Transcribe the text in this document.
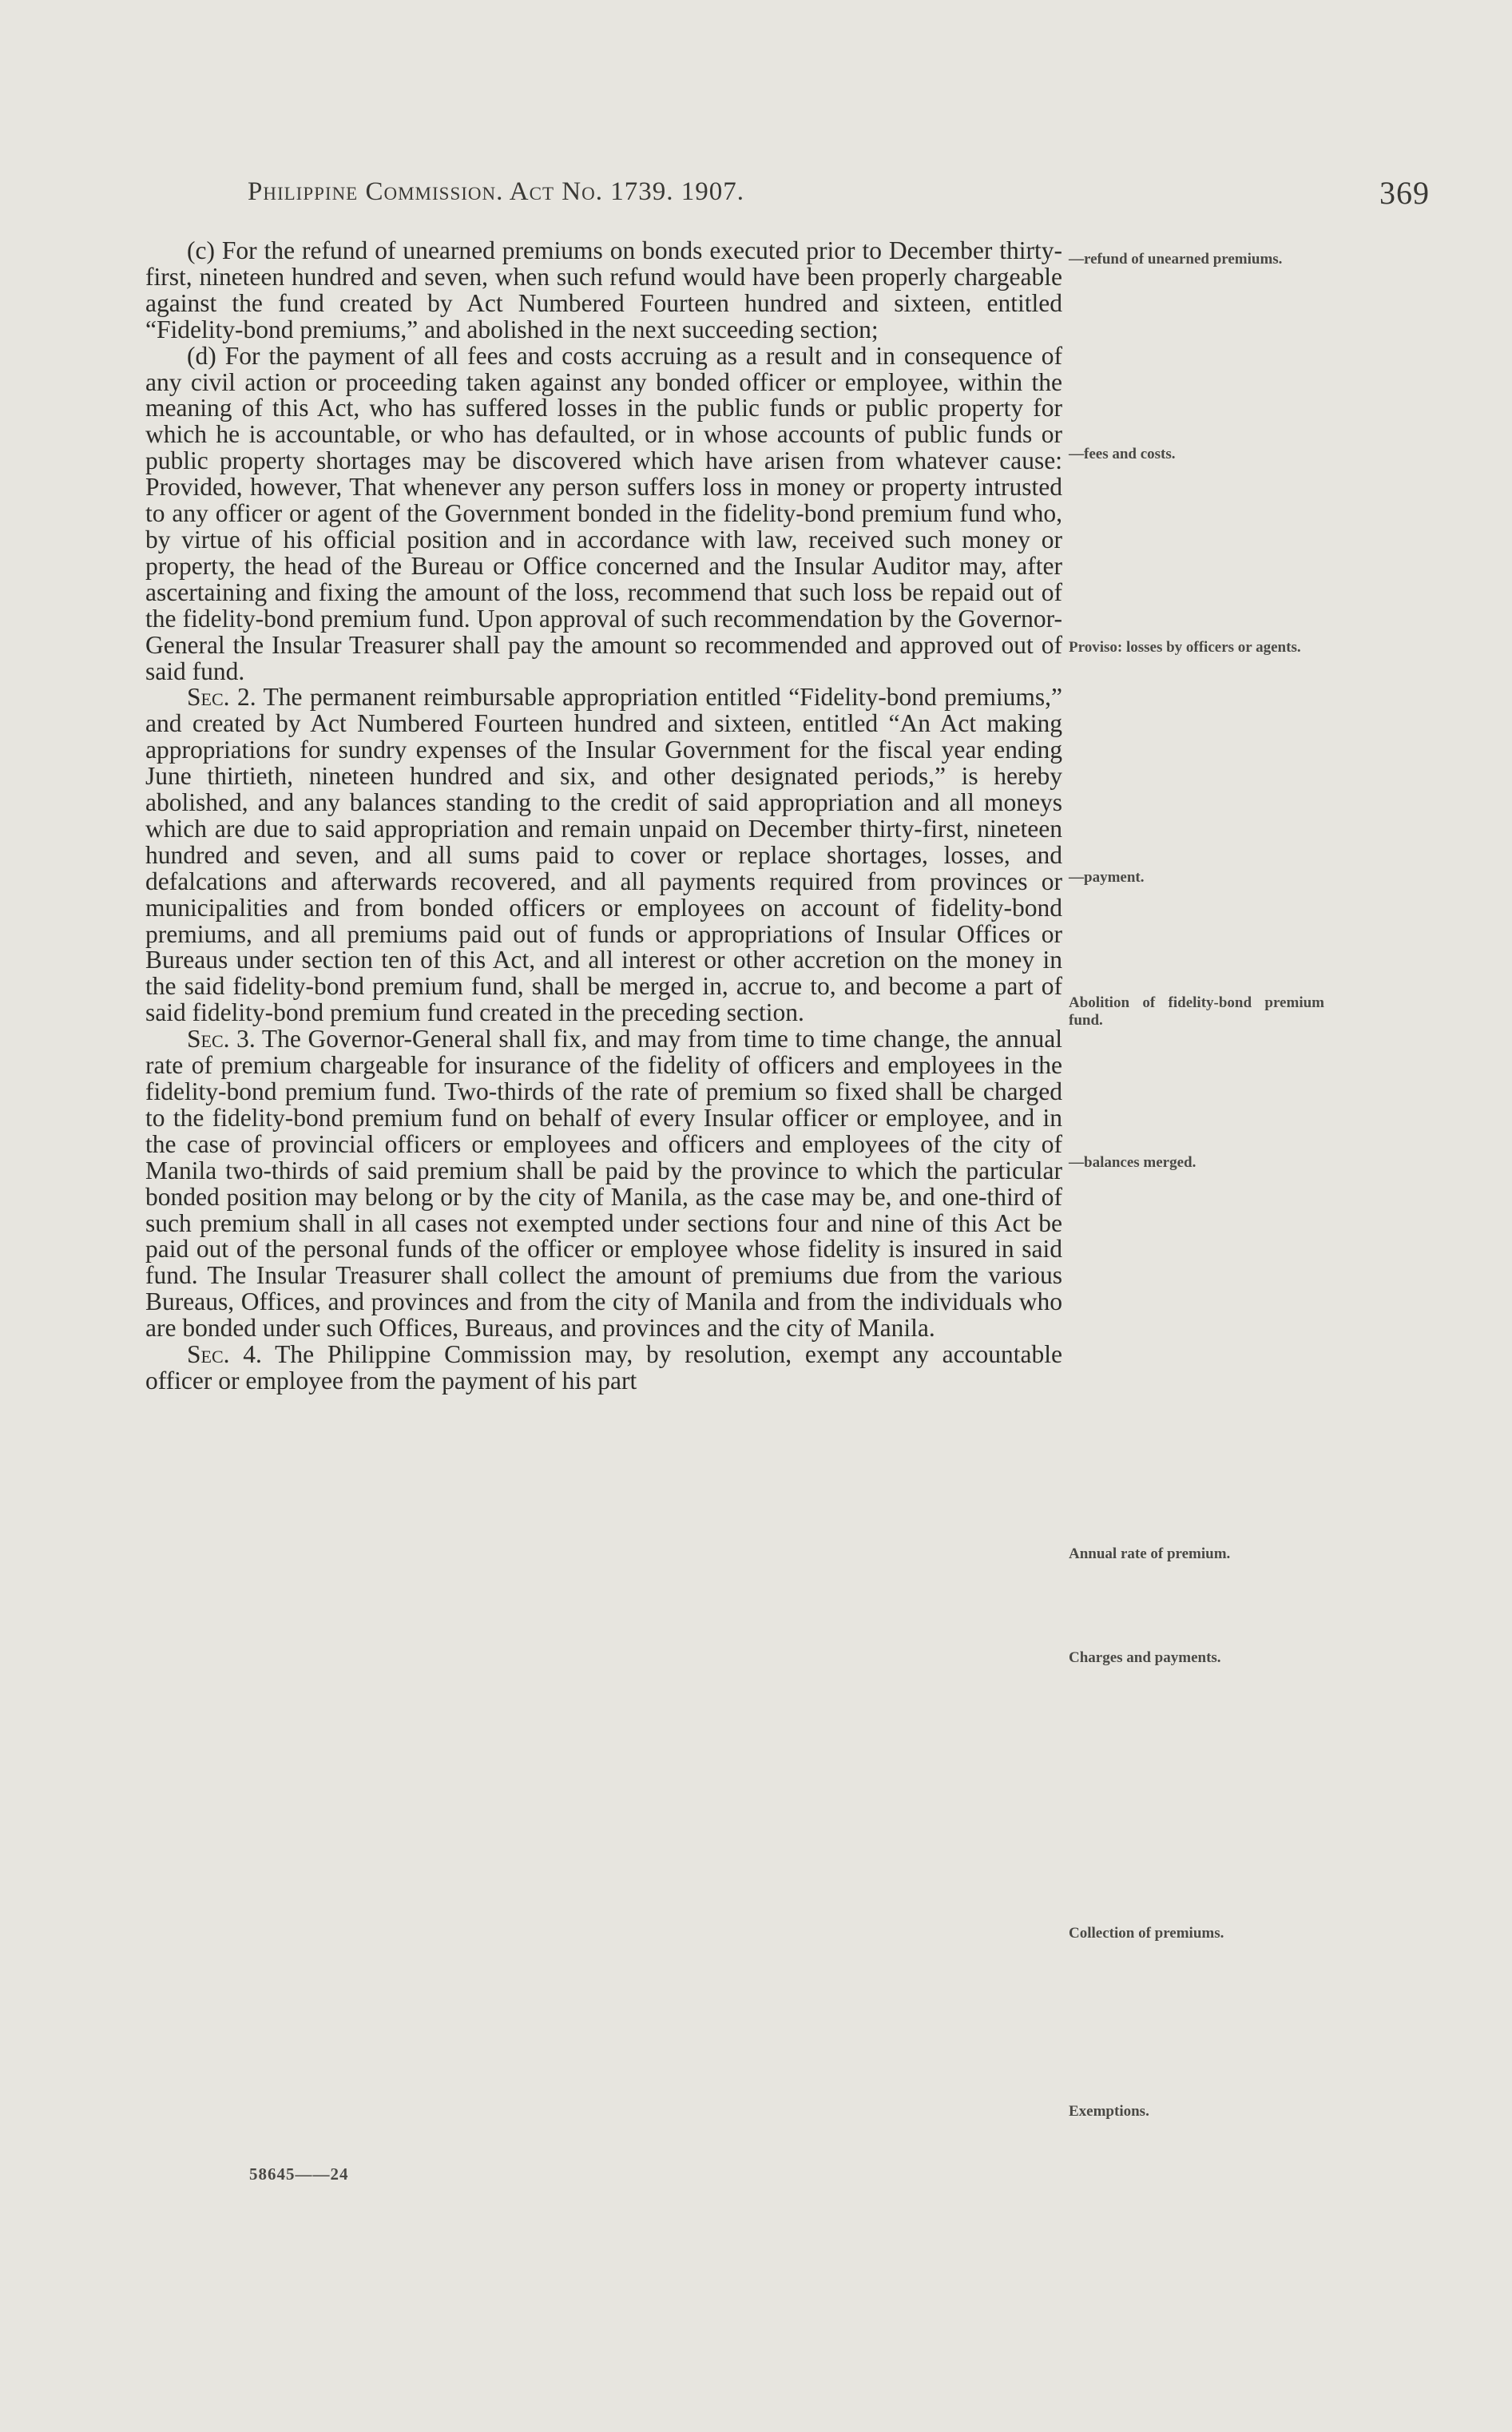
Philippine Commission. Act No. 1739. 1907.	369

(c) For the refund of unearned premiums on bonds executed prior to December thirty-first, nineteen hundred and seven, when such refund would have been properly chargeable against the fund created by Act Numbered Fourteen hundred and sixteen, entitled “Fidelity-bond premiums,” and abolished in the next succeeding section;

(d) For the payment of all fees and costs accruing as a result and in consequence of any civil action or proceeding taken against any bonded officer or employee, within the meaning of this Act, who has suffered losses in the public funds or public property for which he is accountable, or who has defaulted, or in whose accounts of public funds or public property shortages may be discovered which have arisen from whatever cause: Provided, however, That whenever any person suffers loss in money or property intrusted to any officer or agent of the Government bonded in the fidelity-bond premium fund who, by virtue of his official position and in accordance with law, received such money or property, the head of the Bureau or Office concerned and the Insular Auditor may, after ascertaining and fixing the amount of the loss, recommend that such loss be repaid out of the fidelity-bond premium fund. Upon approval of such recommendation by the Governor-General the Insular Treasurer shall pay the amount so recommended and approved out of said fund.

Sec. 2. The permanent reimbursable appropriation entitled “Fidelity-bond premiums,” and created by Act Numbered Fourteen hundred and sixteen, entitled “An Act making appropriations for sundry expenses of the Insular Government for the fiscal year ending June thirtieth, nineteen hundred and six, and other designated periods,” is hereby abolished, and any balances standing to the credit of said appropriation and all moneys which are due to said appropriation and remain unpaid on December thirty-first, nineteen hundred and seven, and all sums paid to cover or replace shortages, losses, and defalcations and afterwards recovered, and all payments required from provinces or municipalities and from bonded officers or employees on account of fidelity-bond premiums, and all premiums paid out of funds or appropriations of Insular Offices or Bureaus under section ten of this Act, and all interest or other accretion on the money in the said fidelity-bond premium fund, shall be merged in, accrue to, and become a part of said fidelity-bond premium fund created in the preceding section.

Sec. 3. The Governor-General shall fix, and may from time to time change, the annual rate of premium chargeable for insurance of the fidelity of officers and employees in the fidelity-bond premium fund. Two-thirds of the rate of premium so fixed shall be charged to the fidelity-bond premium fund on behalf of every Insular officer or employee, and in the case of provincial officers or employees and officers and employees of the city of Manila two-thirds of said premium shall be paid by the province to which the particular bonded position may belong or by the city of Manila, as the case may be, and one-third of such premium shall in all cases not exempted under sections four and nine of this Act be paid out of the personal funds of the officer or employee whose fidelity is insured in said fund. The Insular Treasurer shall collect the amount of premiums due from the various Bureaus, Offices, and provinces and from the city of Manila and from the individuals who are bonded under such Offices, Bureaus, and provinces and the city of Manila.

Sec. 4. The Philippine Commission may, by resolution, exempt any accountable officer or employee from the payment of his part

—refund of unearned premiums.
—fees and costs.
Proviso: losses by officers or agents.
—payment.
Abolition of fidelity-bond premium fund.
—balances merged.
Annual rate of premium.
Charges and payments.
Collection of premiums.
Exemptions.
58645——24
